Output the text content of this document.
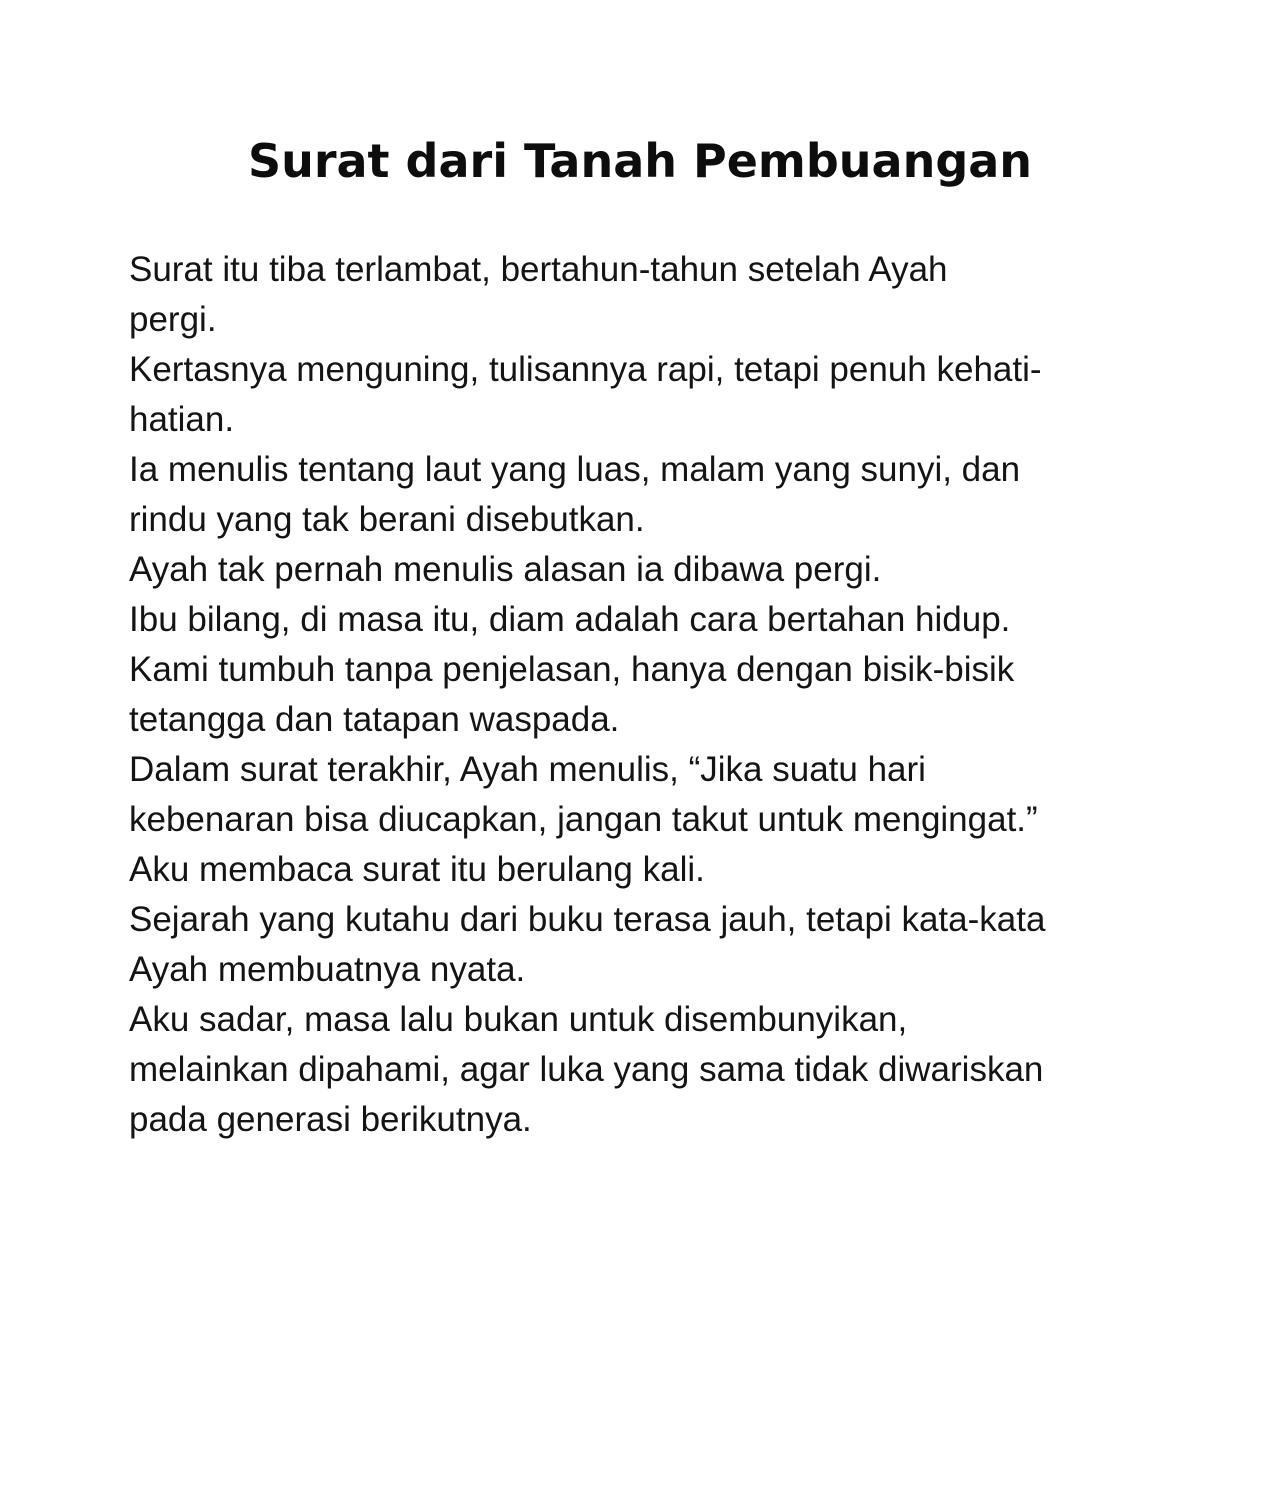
Surat dari Tanah Pembuangan
Surat itu tiba terlambat, bertahun-tahun setelah Ayah
pergi.
Kertasnya menguning, tulisannya rapi, tetapi penuh kehati-
hatian.
Ia menulis tentang laut yang luas, malam yang sunyi, dan
rindu yang tak berani disebutkan.
Ayah tak pernah menulis alasan ia dibawa pergi.
Ibu bilang, di masa itu, diam adalah cara bertahan hidup.
Kami tumbuh tanpa penjelasan, hanya dengan bisik-bisik
tetangga dan tatapan waspada.
Dalam surat terakhir, Ayah menulis, “Jika suatu hari
kebenaran bisa diucapkan, jangan takut untuk mengingat.”
Aku membaca surat itu berulang kali.
Sejarah yang kutahu dari buku terasa jauh, tetapi kata-kata
Ayah membuatnya nyata.
Aku sadar, masa lalu bukan untuk disembunyikan,
melainkan dipahami, agar luka yang sama tidak diwariskan
pada generasi berikutnya.
